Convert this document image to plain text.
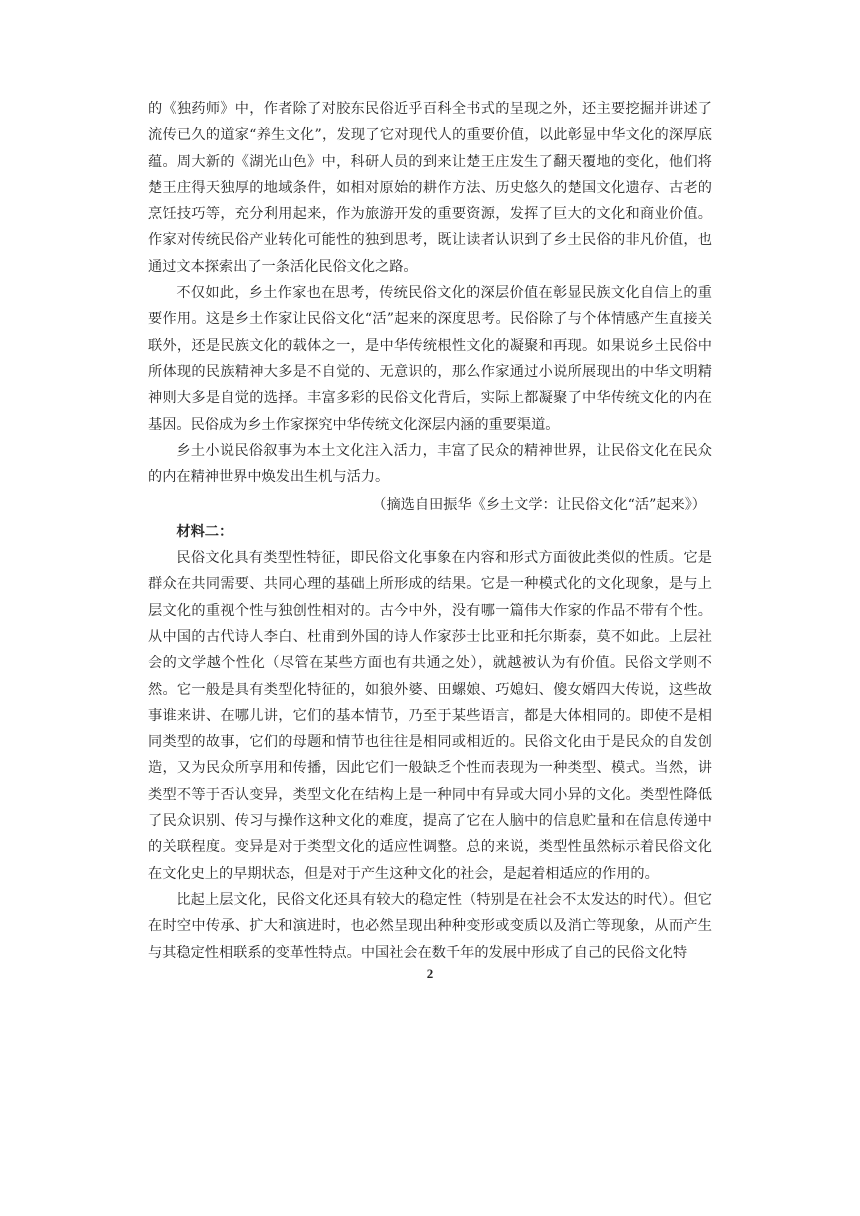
的《独药师》中，作者除了对胶东民俗近乎百科全书式的呈现之外，还主要挖掘并讲述了流传已久的道家“养生文化”，发现了它对现代人的重要价值，以此彰显中华文化的深厚底蕴。周大新的《湖光山色》中，科研人员的到来让楚王庄发生了翻天覆地的变化，他们将楚王庄得天独厚的地域条件，如相对原始的耕作方法、历史悠久的楚国文化遗存、古老的烹饪技巧等，充分利用起来，作为旅游开发的重要资源，发挥了巨大的文化和商业价值。作家对传统民俗产业转化可能性的独到思考，既让读者认识到了乡土民俗的非凡价值，也通过文本探索出了一条活化民俗文化之路。

不仅如此，乡土作家也在思考，传统民俗文化的深层价值在彰显民族文化自信上的重要作用。这是乡土作家让民俗文化“活”起来的深度思考。民俗除了与个体情感产生直接关联外，还是民族文化的载体之一，是中华传统根性文化的凝聚和再现。如果说乡土民俗中所体现的民族精神大多是不自觉的、无意识的，那么作家通过小说所展现出的中华文明精神则大多是自觉的选择。丰富多彩的民俗文化背后，实际上都凝聚了中华传统文化的内在基因。民俗成为乡土作家探究中华传统文化深层内涵的重要渠道。

乡土小说民俗叙事为本土文化注入活力，丰富了民众的精神世界，让民俗文化在民众的内在精神世界中焕发出生机与活力。

（摘选自田振华《乡土文学：让民俗文化“活”起来》）

材料二：

民俗文化具有类型性特征，即民俗文化事象在内容和形式方面彼此类似的性质。它是群众在共同需要、共同心理的基础上所形成的结果。它是一种模式化的文化现象，是与上层文化的重视个性与独创性相对的。古今中外，没有哪一篇伟大作家的作品不带有个性。从中国的古代诗人李白、杜甫到外国的诗人作家莎士比亚和托尔斯泰，莫不如此。上层社会的文学越个性化（尽管在某些方面也有共通之处），就越被认为有价值。民俗文学则不然。它一般是具有类型化特征的，如狼外婆、田螺娘、巧媳妇、傻女婿四大传说，这些故事谁来讲、在哪儿讲，它们的基本情节，乃至于某些语言，都是大体相同的。即使不是相同类型的故事，它们的母题和情节也往往是相同或相近的。民俗文化由于是民众的自发创造，又为民众所享用和传播，因此它们一般缺乏个性而表现为一种类型、模式。当然，讲类型不等于否认变异，类型文化在结构上是一种同中有异或大同小异的文化。类型性降低了民众识别、传习与操作这种文化的难度，提高了它在人脑中的信息贮量和在信息传递中的关联程度。变异是对于类型文化的适应性调整。总的来说，类型性虽然标示着民俗文化在文化史上的早期状态，但是对于产生这种文化的社会，是起着相适应的作用的。

比起上层文化，民俗文化还具有较大的稳定性（特别是在社会不太发达的时代）。但它在时空中传承、扩大和演进时，也必然呈现出种种变形或变质以及消亡等现象，从而产生与其稳定性相联系的变革性特点。中国社会在数千年的发展中形成了自己的民俗文化特

2
